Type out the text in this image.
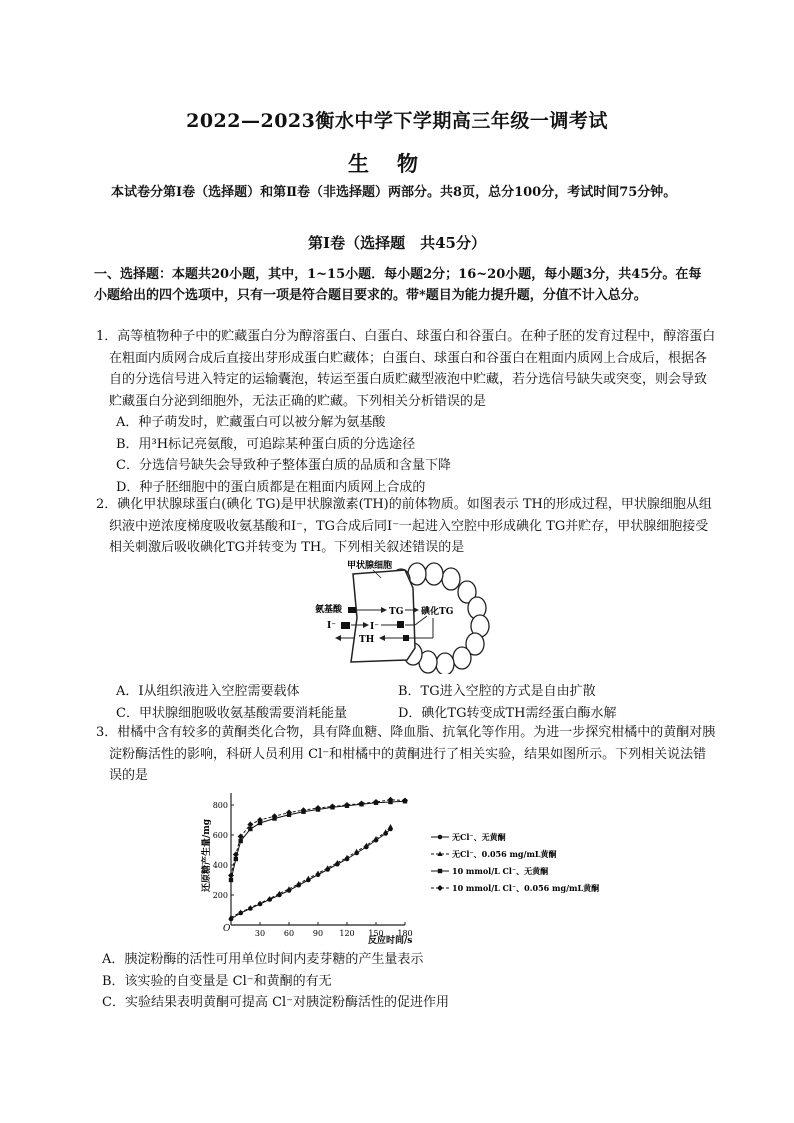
2022—2023衡水中学下学期高三年级一调考试
生物
本试卷分第Ⅰ卷（选择题）和第Ⅱ卷（非选择题）两部分。共8页，总分100分，考试时间75分钟。
第Ⅰ卷（选择题　共45分）
一、选择题：本题共20小题，其中，1~15小题．每小题2分；16~20小题，每小题3分，共45分。在每小题给出的四个选项中，只有一项是符合题目要求的。带*题目为能力提升题，分值不计入总分。
1．高等植物种子中的贮藏蛋白分为醇溶蛋白、白蛋白、球蛋白和谷蛋白。在种子胚的发育过程中，醇溶蛋白在粗面内质网合成后直接出芽形成蛋白贮藏体；白蛋白、球蛋白和谷蛋白在粗面内质网上合成后，根据各自的分选信号进入特定的运输囊泡，转运至蛋白质贮藏型液泡中贮藏，若分选信号缺失或突变，则会导致贮藏蛋白分泌到细胞外，无法正确的贮藏。下列相关分析错误的是
A．种子萌发时，贮藏蛋白可以被分解为氨基酸
B．用³H标记亮氨酸，可追踪某种蛋白质的分选途径
C．分选信号缺失会导致种子整体蛋白质的品质和含量下降
D．种子胚细胞中的蛋白质都是在粗面内质网上合成的
2．碘化甲状腺球蛋白(碘化 TG)是甲状腺激素(TH)的前体物质。如图表示 TH的形成过程，甲状腺细胞从组织液中逆浓度梯度吸收氨基酸和I⁻，TG合成后同I⁻一起进入空腔中形成碘化 TG并贮存，甲状腺细胞接受相关刺激后吸收碘化TG并转变为 TH。下列相关叙述错误的是
甲状腺细胞
氨基酸	TG 碘化TG
I⁻	I⁻
TH
A．I从组织液进入空腔需要载体	B．TG进入空腔的方式是自由扩散
C．甲状腺细胞吸收氨基酸需要消耗能量	D．碘化TG转变成TH需经蛋白酶水解
3．柑橘中含有较多的黄酮类化合物，具有降血糖、降血脂、抗氧化等作用。为进一步探究柑橘中的黄酮对胰淀粉酶活性的影响，科研人员利用 Cl⁻和柑橘中的黄酮进行了相关实验，结果如图所示。下列相关说法错误的是
还原糖产生量/mg
反应时间/s
O	30 60 90 120 150 180
200
400
600
800
无Cl⁻、无黄酮
无Cl⁻、0.056 mg/mL黄酮
10 mmol/L Cl⁻、无黄酮
10 mmol/L Cl⁻、0.056 mg/mL黄酮
A．胰淀粉酶的活性可用单位时间内麦芽糖的产生量表示
B．该实验的自变量是 Cl⁻和黄酮的有无
C．实验结果表明黄酮可提高 Cl⁻对胰淀粉酶活性的促进作用
